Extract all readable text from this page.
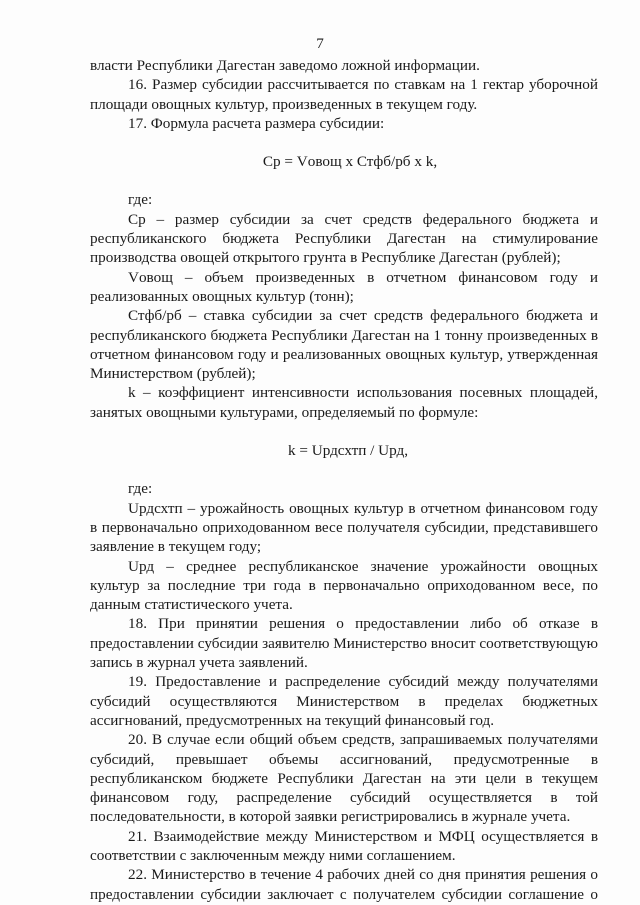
7

власти Республики Дагестан заведомо ложной информации.

16. Размер субсидии рассчитывается по ставкам на 1 гектар уборочной площади овощных культур, произведенных в текущем году.

17. Формула расчета размера субсидии:

Ср = Vовощ х Стфб/рб х k,

где:

Ср – размер субсидии за счет средств федерального бюджета и республиканского бюджета Республики Дагестан на стимулирование производства овощей открытого грунта в Республике Дагестан (рублей);

Vовощ – объем произведенных в отчетном финансовом году и реализованных овощных культур (тонн);

Стфб/рб – ставка субсидии за счет средств федерального бюджета и республиканского бюджета Республики Дагестан на 1 тонну произведенных в отчетном финансовом году и реализованных овощных культур, утвержденная Министерством (рублей);

k – коэффициент интенсивности использования посевных площадей, занятых овощными культурами, определяемый по формуле:

k = Uрдсхтп / Uрд,

где:

Uрдсхтп – урожайность овощных культур в отчетном финансовом году в первоначально оприходованном весе получателя субсидии, представившего заявление в текущем году;

Uрд – среднее республиканское значение урожайности овощных культур за последние три года в первоначально оприходованном весе, по данным статистического учета.

18. При принятии решения о предоставлении либо об отказе в предоставлении субсидии заявителю Министерство вносит соответствующую запись в журнал учета заявлений.

19. Предоставление и распределение субсидий между получателями субсидий осуществляются Министерством в пределах бюджетных ассигнований, предусмотренных на текущий финансовый год.

20. В случае если общий объем средств, запрашиваемых получателями субсидий, превышает объемы ассигнований, предусмотренные в республиканском бюджете Республики Дагестан на эти цели в текущем финансовом году, распределение субсидий осуществляется в той последовательности, в которой заявки регистрировались в журнале учета.

21. Взаимодействие между Министерством и МФЦ осуществляется в соответствии с заключенным между ними соглашением.

22. Министерство в течение 4 рабочих дней со дня принятия решения о предоставлении субсидии заключает с получателем субсидии соглашение о
